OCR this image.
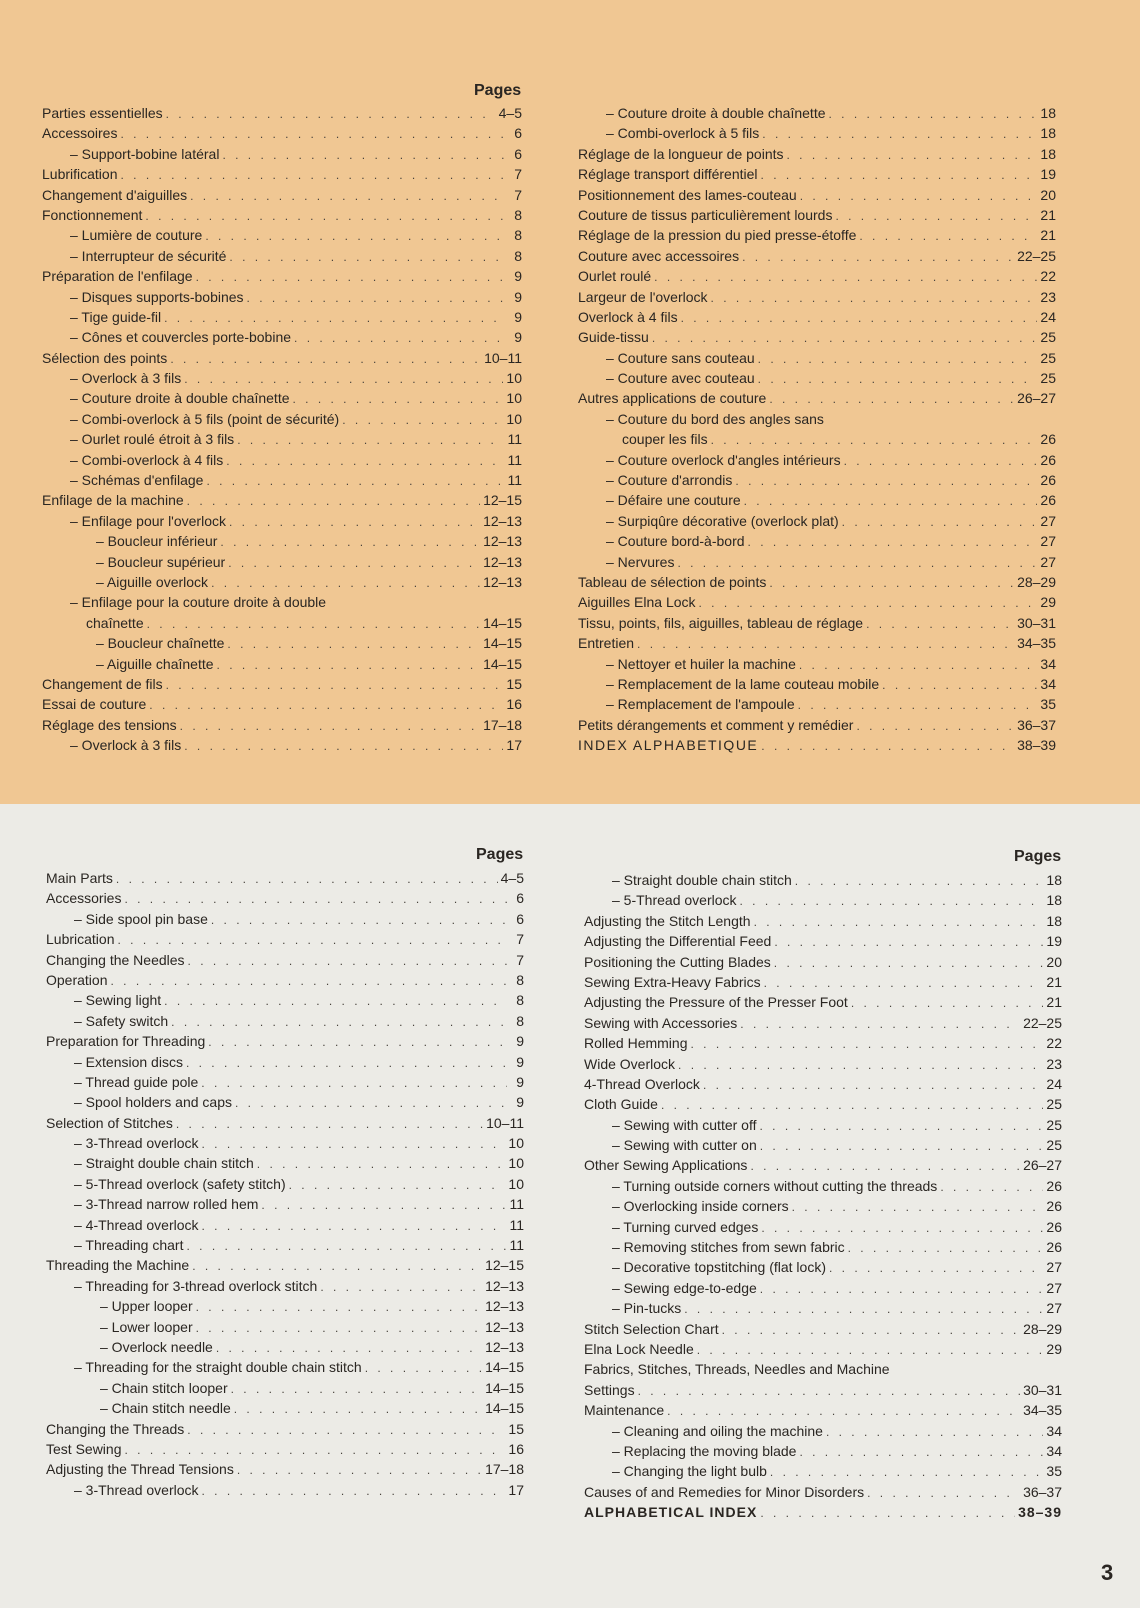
Pages
Parties essentielles . . .	4–5
Accessoires . . .	6
– Support-bobine latéral . . .	6
Lubrification . . .	7
Changement d'aiguilles . . .	7
Fonctionnement . . .	8
– Lumière de couture . . .	8
– Interrupteur de sécurité . . .	8
Préparation de l'enfilage . . .	9
– Disques supports-bobines . . .	9
– Tige guide-fil . . .	9
– Cônes et couvercles porte-bobine . . .	9
Sélection des points . . .	10–11
– Overlock à 3 fils . . .	10
– Couture droite à double chaînette . . .	10
– Combi-overlock à 5 fils (point de sécurité) . . .	10
– Ourlet roulé étroit à 3 fils . . .	11
– Combi-overlock à 4 fils . . .	11
– Schémas d'enfilage . . .	11
Enfilage de la machine . . .	12–15
– Enfilage pour l'overlock . . .	12–13
– Boucleur inférieur . . .	12–13
– Boucleur supérieur . . .	12–13
– Aiguille overlock . . .	12–13
– Enfilage pour la couture droite à double
chaînette . . .	14–15
– Boucleur chaînette . . .	14–15
– Aiguille chaînette . . .	14–15
Changement de fils . . .	15
Essai de couture . . .	16
Réglage des tensions . . .	17–18
– Overlock à 3 fils . . .	17
– Couture droite à double chaînette . . .	18
– Combi-overlock à 5 fils . . .	18
Réglage de la longueur de points . . .	18
Réglage transport différentiel . . .	19
Positionnement des lames-couteau . . .	20
Couture de tissus particulièrement lourds . . .	21
Réglage de la pression du pied presse-étoffe . . .	21
Couture avec accessoires . . .	22–25
Ourlet roulé . . .	22
Largeur de l'overlock . . .	23
Overlock à 4 fils . . .	24
Guide-tissu . . .	25
– Couture sans couteau . . .	25
– Couture avec couteau . . .	25
Autres applications de couture . . .	26–27
– Couture du bord des angles sans
couper les fils . . .	26
– Couture overlock d'angles intérieurs . . .	26
– Couture d'arrondis . . .	26
– Défaire une couture . . .	26
– Surpiqûre décorative (overlock plat) . . .	27
– Couture bord-à-bord . . .	27
– Nervures . . .	27
Tableau de sélection de points . . .	28–29
Aiguilles Elna Lock . . .	29
Tissu, points, fils, aiguilles, tableau de réglage . . .	30–31
Entretien . . .	34–35
– Nettoyer et huiler la machine . . .	34
– Remplacement de la lame couteau mobile . . .	34
– Remplacement de l'ampoule . . .	35
Petits dérangements et comment y remédier . . .	36–37
INDEX ALPHABETIQUE . . .	38–39
Pages	Pages
Main Parts . . .	4–5
Accessories . . .	6
– Side spool pin base . . .	6
Lubrication . . .	7
Changing the Needles . . .	7
Operation . . .	8
– Sewing light . . .	8
– Safety switch . . .	8
Preparation for Threading . . .	9
– Extension discs . . .	9
– Thread guide pole . . .	9
– Spool holders and caps . . .	9
Selection of Stitches . . .	10–11
– 3-Thread overlock . . .	10
– Straight double chain stitch . . .	10
– 5-Thread overlock (safety stitch) . . .	10
– 3-Thread narrow rolled hem . . .	11
– 4-Thread overlock . . .	11
– Threading chart . . .	11
Threading the Machine . . .	12–15
– Threading for 3-thread overlock stitch . . .	12–13
– Upper looper . . .	12–13
– Lower looper . . .	12–13
– Overlock needle . . .	12–13
– Threading for the straight double chain stitch . . .	14–15
– Chain stitch looper . . .	14–15
– Chain stitch needle . . .	14–15
Changing the Threads . . .	15
Test Sewing . . .	16
Adjusting the Thread Tensions . . .	17–18
– 3-Thread overlock . . .	17
– Straight double chain stitch . . .	18
– 5-Thread overlock . . .	18
Adjusting the Stitch Length . . .	18
Adjusting the Differential Feed . . .	19
Positioning the Cutting Blades . . .	20
Sewing Extra-Heavy Fabrics . . .	21
Adjusting the Pressure of the Presser Foot . . .	21
Sewing with Accessories . . .	22–25
Rolled Hemming . . .	22
Wide Overlock . . .	23
4-Thread Overlock . . .	24
Cloth Guide . . .	25
– Sewing with cutter off . . .	25
– Sewing with cutter on . . .	25
Other Sewing Applications . . .	26–27
– Turning outside corners without cutting the threads . . .	26
– Overlocking inside corners . . .	26
– Turning curved edges . . .	26
– Removing stitches from sewn fabric . . .	26
– Decorative topstitching (flat lock) . . .	27
– Sewing edge-to-edge . . .	27
– Pin-tucks . . .	27
Stitch Selection Chart . . .	28–29
Elna Lock Needle . . .	29
Fabrics, Stitches, Threads, Needles and Machine
Settings . . .	30–31
Maintenance . . .	34–35
– Cleaning and oiling the machine . . .	34
– Replacing the moving blade . . .	34
– Changing the light bulb . . .	35
Causes of and Remedies for Minor Disorders . . .	36–37
ALPHABETICAL INDEX . . .	38–39
3
